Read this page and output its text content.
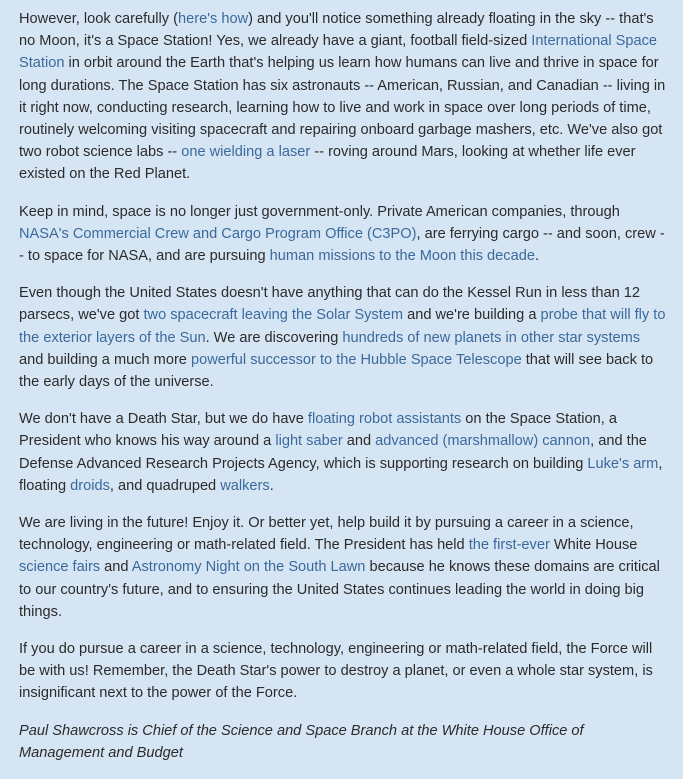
However, look carefully (here's how) and you'll notice something already floating in the sky -- that's no Moon, it's a Space Station! Yes, we already have a giant, football field-sized International Space Station in orbit around the Earth that's helping us learn how humans can live and thrive in space for long durations. The Space Station has six astronauts -- American, Russian, and Canadian -- living in it right now, conducting research, learning how to live and work in space over long periods of time, routinely welcoming visiting spacecraft and repairing onboard garbage mashers, etc. We've also got two robot science labs -- one wielding a laser -- roving around Mars, looking at whether life ever existed on the Red Planet.

Keep in mind, space is no longer just government-only. Private American companies, through NASA's Commercial Crew and Cargo Program Office (C3PO), are ferrying cargo -- and soon, crew -- to space for NASA, and are pursuing human missions to the Moon this decade.

Even though the United States doesn't have anything that can do the Kessel Run in less than 12 parsecs, we've got two spacecraft leaving the Solar System and we're building a probe that will fly to the exterior layers of the Sun. We are discovering hundreds of new planets in other star systems and building a much more powerful successor to the Hubble Space Telescope that will see back to the early days of the universe.

We don't have a Death Star, but we do have floating robot assistants on the Space Station, a President who knows his way around a light saber and advanced (marshmallow) cannon, and the Defense Advanced Research Projects Agency, which is supporting research on building Luke's arm, floating droids, and quadruped walkers.

We are living in the future! Enjoy it. Or better yet, help build it by pursuing a career in a science, technology, engineering or math-related field. The President has held the first-ever White House science fairs and Astronomy Night on the South Lawn because he knows these domains are critical to our country's future, and to ensuring the United States continues leading the world in doing big things.

If you do pursue a career in a science, technology, engineering or math-related field, the Force will be with us! Remember, the Death Star's power to destroy a planet, or even a whole star system, is insignificant next to the power of the Force.

Paul Shawcross is Chief of the Science and Space Branch at the White House Office of Management and Budget
